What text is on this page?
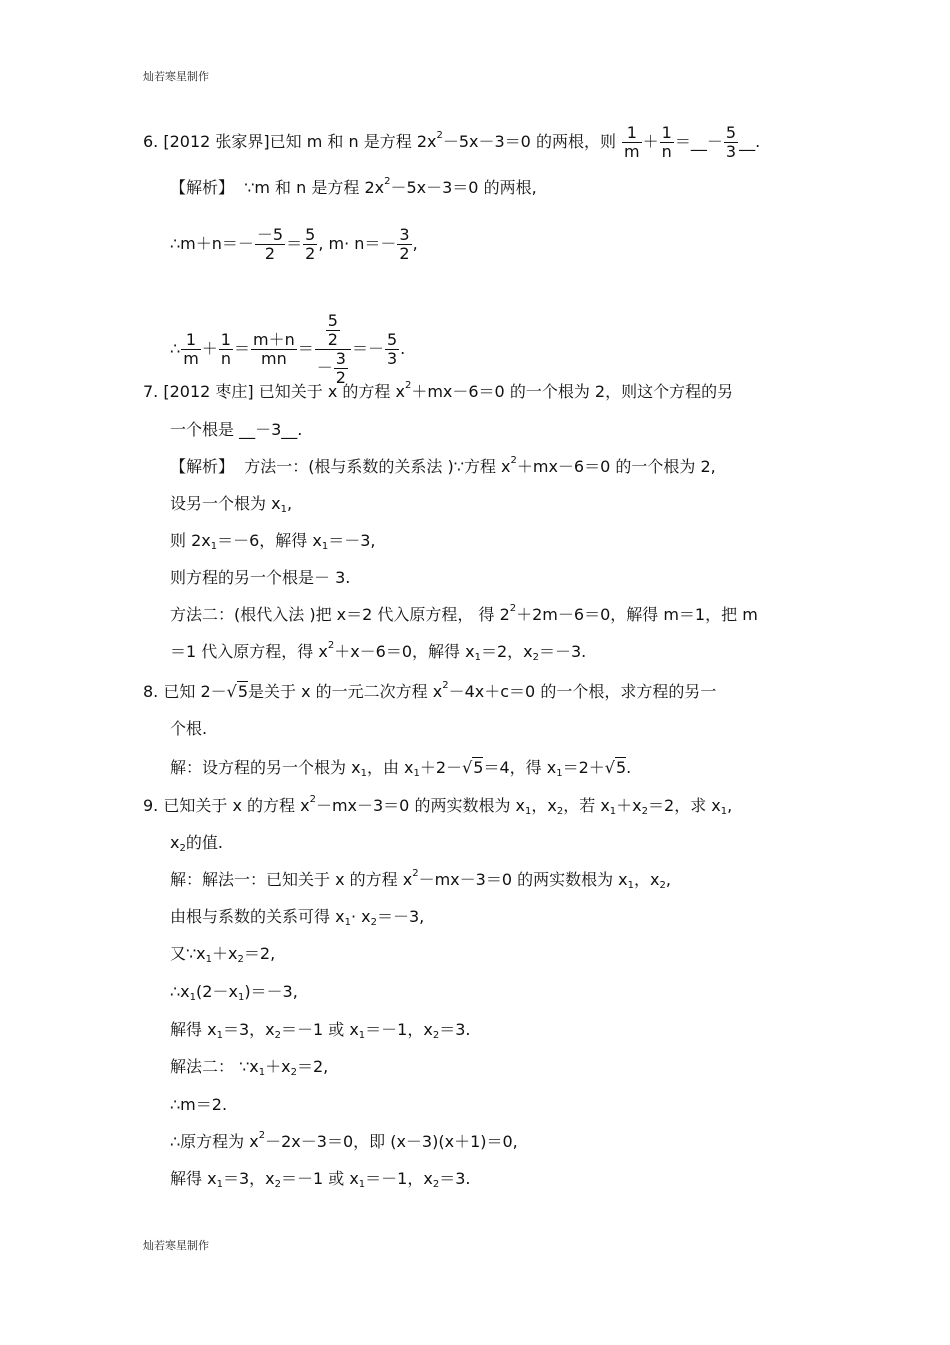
灿若寒星制作
6. [2012 张家界]已知 m 和 n 是方程 $2x^2-5x-3=0$ 的两根，则 $\frac{1}{m} + \frac{1}{n}$ ＝__－ $\frac{5}{3}$ __.
【解析】 ∵m 和 n 是方程 $2x^2-5x-3=0$ 的两根,
∴m＋n＝－ $\frac{-5}{2} = \frac{5}{2}$ , $m\cdot n=- \frac{3}{2}$ ,
∴ $\frac{1}{m} + \frac{1}{n} = \frac{m+n}{mn} = \frac{\frac{5}{2}}{- \frac{3}{2}} =- \frac{5}{3}$ .
7. [2012 枣庄] 已知关于 x 的方程 $x^2+mx-6=0$ 的一个根为 2，则这个方程的另
一个根是 __－3__.
【解析】 方法一：(根与系数的关系法 )∵方程 $x^2+mx-6=0$ 的一个根为 2,
设另一个根为 $x_1$,
则 $2x_1=-6$，解得 $x_1=-3$,
则方程的另一个根是－ 3.
方法二：(根代入法 )把 x＝2 代入原方程， 得 $2^2+2m-6=0$，解得 m＝1，把 m
＝1 代入原方程，得 $x^2+x-6=0$，解得 $x_1=2$，$x_2=-3$.
8. 已知 2－√5是关于 x 的一元二次方程 $x^2-4x+c=0$ 的一个根，求方程的另一
个根.
解：设方程的另一个根为 $x_1$，由 $x_1+2-√5=4$，得 $x_1=2+√5$.
9. 已知关于 x 的方程 $x^2-mx-3=0$ 的两实数根为 $x_1$，$x_2$，若 $x_1+x_2=2$，求 $x_1$,
$x_2$的值.
解：解法一：已知关于 x 的方程 $x^2-mx-3=0$ 的两实数根为 $x_1$，$x_2$,
由根与系数的关系可得 $x_1\cdot x_2=-3$,
又$\because x_1+x_2=2$,
$\therefore x_1(2-x_1)=-3$,
解得 $x_1=3$，$x_2=-1$ 或 $x_1=-1$，$x_2=3$.
解法二： $\because x_1+x_2=2$,
∴m＝2.
∴原方程为 $x^2-2x-3=0$，即 (x－3)(x＋1)＝0,
解得 $x_1=3$，$x_2=-1$ 或 $x_1=-1$，$x_2=3$.
灿若寒星制作
